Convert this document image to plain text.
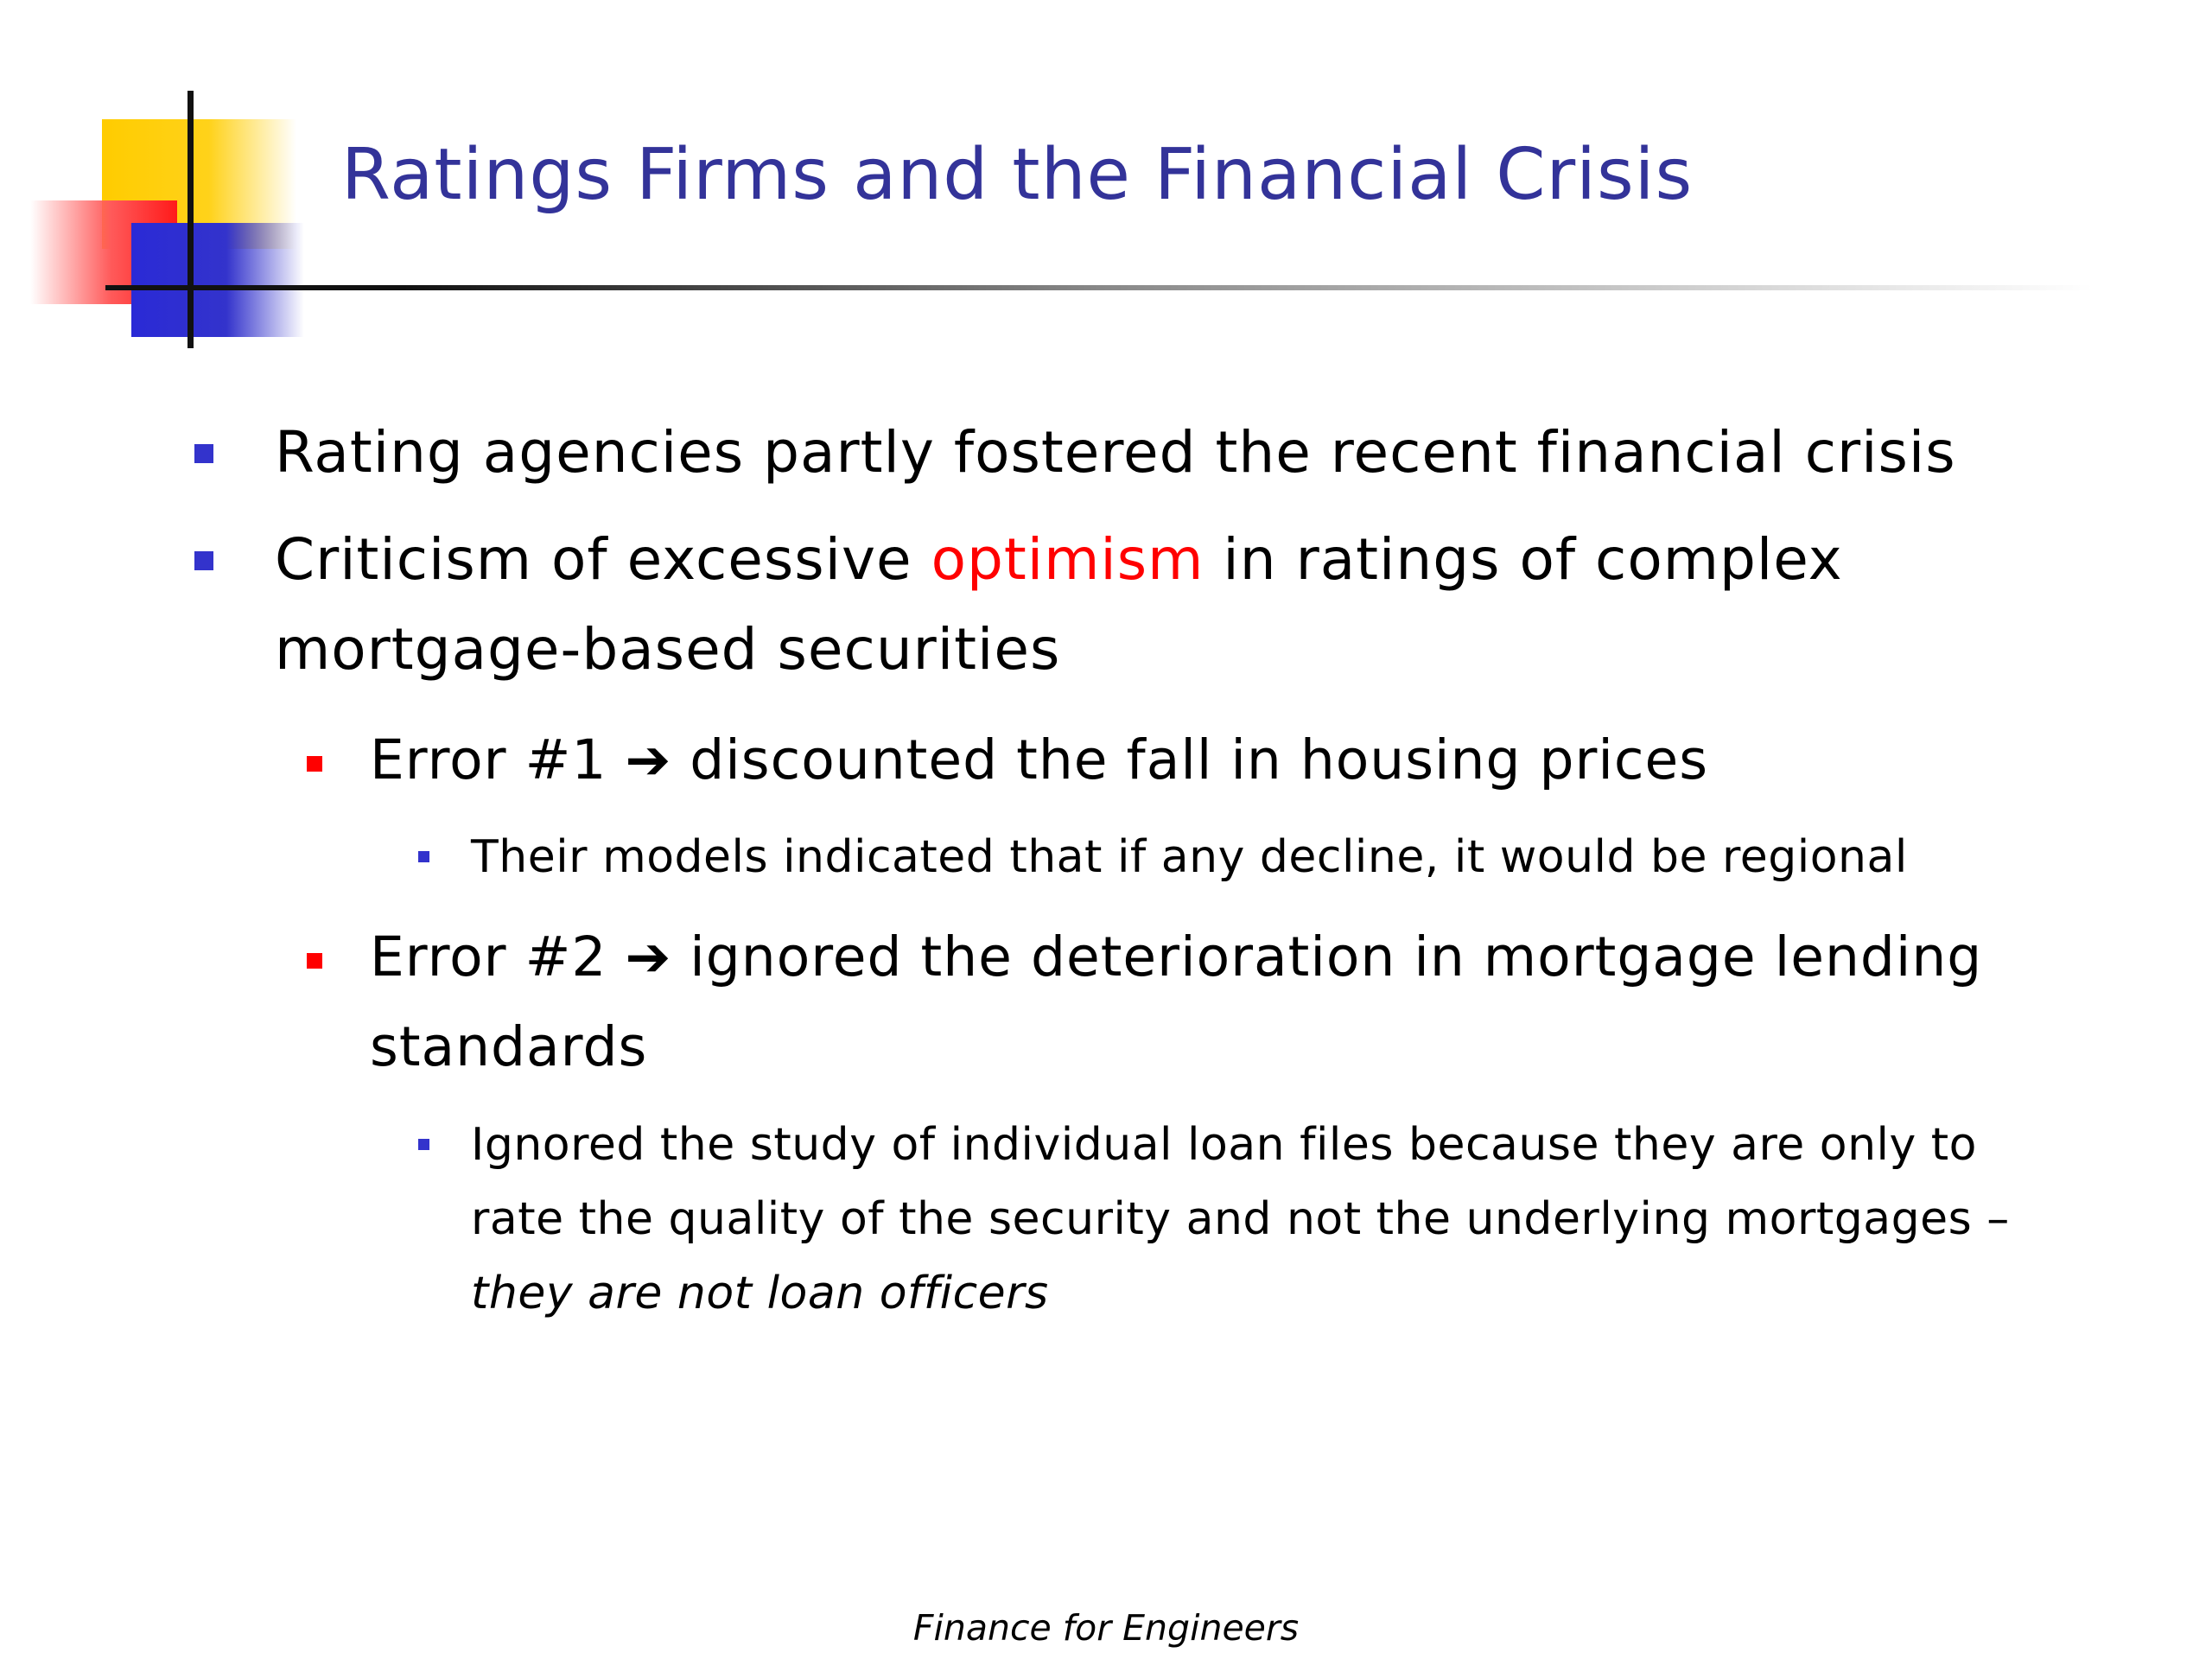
Ratings Firms and the Financial Crisis
Rating agencies partly fostered the recent financial crisis
Criticism of excessive optimism in ratings of complex
mortgage-based securities
Error #1 ➔ discounted the fall in housing prices
Their models indicated that if any decline, it would be regional
Error #2 ➔ ignored the deterioration in mortgage lending
standards
Ignored the study of individual loan files because they are only to
rate the quality of the security and not the underlying mortgages –
they are not loan officers
Finance for Engineers
